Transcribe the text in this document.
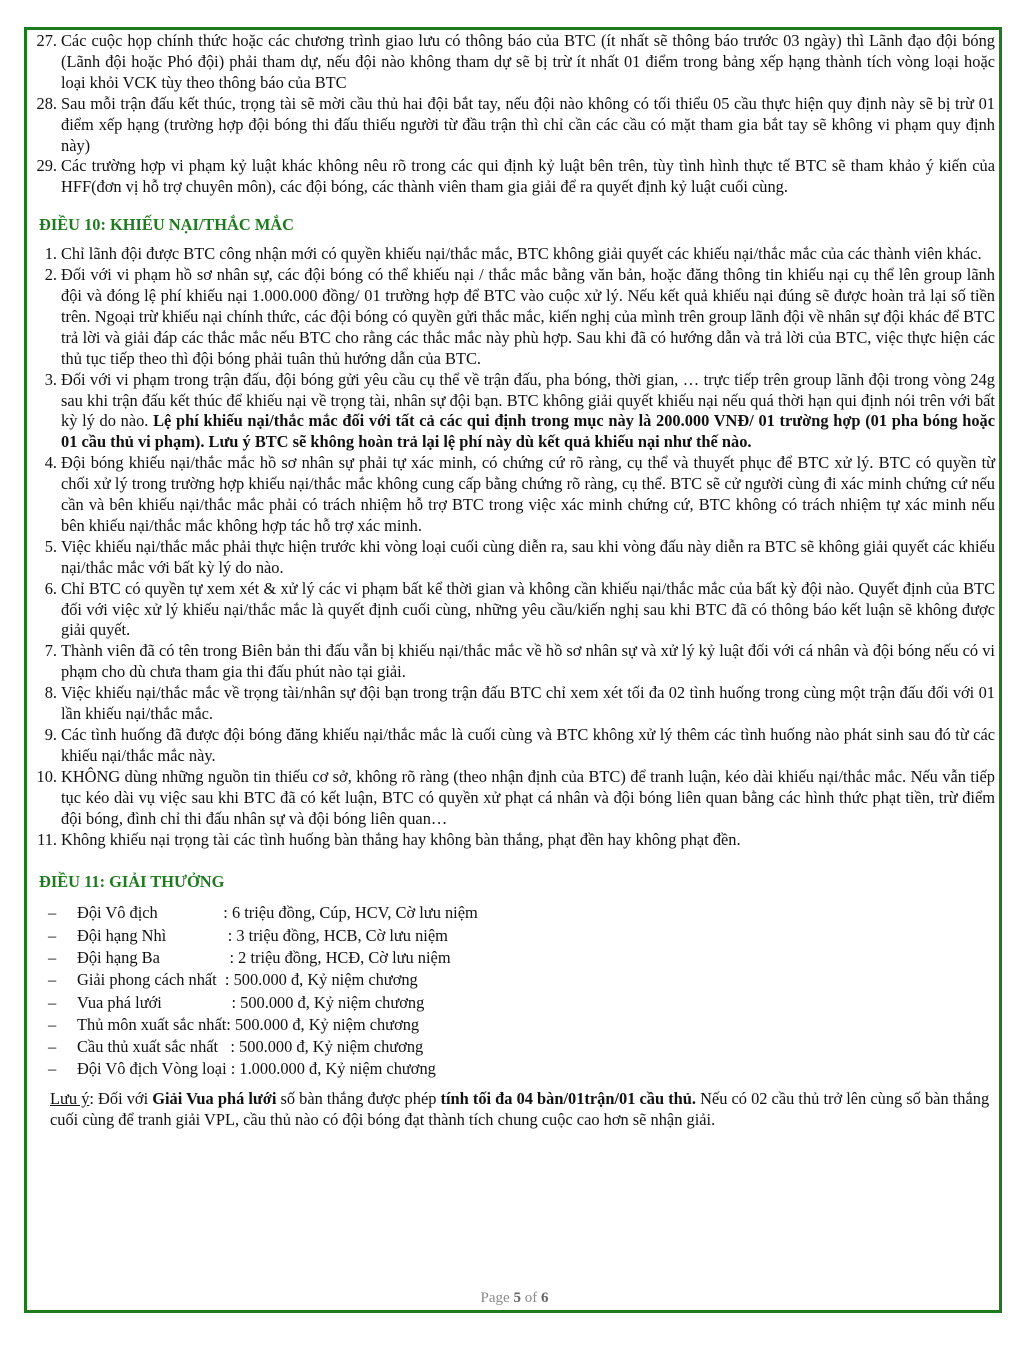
27. Các cuộc họp chính thức hoặc các chương trình giao lưu có thông báo của BTC (ít nhất sẽ thông báo trước 03 ngày) thì Lãnh đạo đội bóng (Lãnh đội hoặc Phó đội) phải tham dự, nếu đội nào không tham dự sẽ bị trừ ít nhất 01 điểm trong bảng xếp hạng thành tích vòng loại hoặc loại khỏi VCK tùy theo thông báo của BTC
28. Sau mỗi trận đấu kết thúc, trọng tài sẽ mời cầu thủ hai đội bắt tay, nếu đội nào không có tối thiểu 05 cầu thực hiện quy định này sẽ bị trừ 01 điểm xếp hạng (trường hợp đội bóng thi đấu thiếu người từ đầu trận thì chỉ cần các cầu có mặt tham gia bắt tay sẽ không vi phạm quy định này)
29. Các trường hợp vi phạm kỷ luật khác không nêu rõ trong các qui định kỷ luật bên trên, tùy tình hình thực tế BTC sẽ tham khảo ý kiến của HFF(đơn vị hỗ trợ chuyên môn), các đội bóng, các thành viên tham gia giải để ra quyết định kỷ luật cuối cùng.
ĐIỀU 10: KHIẾU NẠI/THẮC MẮC
1. Chỉ lãnh đội được BTC công nhận mới có quyền khiếu nại/thắc mắc, BTC không giải quyết các khiếu nại/thắc mắc của các thành viên khác.
2. Đối với vi phạm hồ sơ nhân sự, các đội bóng có thể khiếu nại / thắc mắc bằng văn bản, hoặc đăng thông tin khiếu nại cụ thể lên group lãnh đội và đóng lệ phí khiếu nại 1.000.000 đồng/ 01 trường hợp để BTC vào cuộc xử lý. Nếu kết quả khiếu nại đúng sẽ được hoàn trả lại số tiền trên. Ngoại trừ khiếu nại chính thức, các đội bóng có quyền gửi thắc mắc, kiến nghị của mình trên group lãnh đội về nhân sự đội khác để BTC trả lời và giải đáp các thắc mắc nếu BTC cho rằng các thắc mắc này phù hợp. Sau khi đã có hướng dẫn và trả lời của BTC, việc thực hiện các thủ tục tiếp theo thì đội bóng phải tuân thủ hướng dẫn của BTC.
3. Đối với vi phạm trong trận đấu, đội bóng gửi yêu cầu cụ thể về trận đấu, pha bóng, thời gian, … trực tiếp trên group lãnh đội trong vòng 24g sau khi trận đấu kết thúc để khiếu nại về trọng tài, nhân sự đội bạn. BTC không giải quyết khiếu nại nếu quá thời hạn qui định nói trên với bất kỳ lý do nào. Lệ phí khiếu nại/thắc mắc đối với tất cả các qui định trong mục này là 200.000 VNĐ/ 01 trường hợp (01 pha bóng hoặc 01 cầu thủ vi phạm). Lưu ý BTC sẽ không hoàn trả lại lệ phí này dù kết quả khiếu nại như thế nào.
4. Đội bóng khiếu nại/thắc mắc hồ sơ nhân sự phải tự xác minh, có chứng cứ rõ ràng, cụ thể và thuyết phục để BTC xử lý. BTC có quyền từ chối xử lý trong trường hợp khiếu nại/thắc mắc không cung cấp bằng chứng rõ ràng, cụ thể. BTC sẽ cử người cùng đi xác minh chứng cứ nếu cần và bên khiếu nại/thắc mắc phải có trách nhiệm hỗ trợ BTC trong việc xác minh chứng cứ, BTC không có trách nhiệm tự xác minh nếu bên khiếu nại/thắc mắc không hợp tác hỗ trợ xác minh.
5. Việc khiếu nại/thắc mắc phải thực hiện trước khi vòng loại cuối cùng diễn ra, sau khi vòng đấu này diễn ra BTC sẽ không giải quyết các khiếu nại/thắc mắc với bất kỳ lý do nào.
6. Chỉ BTC có quyền tự xem xét & xử lý các vi phạm bất kể thời gian và không cần khiếu nại/thắc mắc của bất kỳ đội nào. Quyết định của BTC đối với việc xử lý khiếu nại/thắc mắc là quyết định cuối cùng, những yêu cầu/kiến nghị sau khi BTC đã có thông báo kết luận sẽ không được giải quyết.
7. Thành viên đã có tên trong Biên bản thi đấu vẫn bị khiếu nại/thắc mắc về hồ sơ nhân sự và xử lý kỷ luật đối với cá nhân và đội bóng nếu có vi phạm cho dù chưa tham gia thi đấu phút nào tại giải.
8. Việc khiếu nại/thắc mắc về trọng tài/nhân sự đội bạn trong trận đấu BTC chỉ xem xét tối đa 02 tình huống trong cùng một trận đấu đối với 01 lần khiếu nại/thắc mắc.
9. Các tình huống đã được đội bóng đăng khiếu nại/thắc mắc là cuối cùng và BTC không xử lý thêm các tình huống nào phát sinh sau đó từ các khiếu nại/thắc mắc này.
10. KHÔNG dùng những nguồn tin thiếu cơ sở, không rõ ràng (theo nhận định của BTC) để tranh luận, kéo dài khiếu nại/thắc mắc. Nếu vẫn tiếp tục kéo dài vụ việc sau khi BTC đã có kết luận, BTC có quyền xử phạt cá nhân và đội bóng liên quan bằng các hình thức phạt tiền, trừ điểm đội bóng, đình chỉ thi đấu nhân sự và đội bóng liên quan…
11. Không khiếu nại trọng tài các tình huống bàn thắng hay không bàn thắng, phạt đền hay không phạt đền.
ĐIỀU 11: GIẢI THƯỞNG
– Đội Vô địch                : 6 triệu đồng, Cúp, HCV, Cờ lưu niệm
– Đội hạng Nhì               : 3 triệu đồng, HCB, Cờ lưu niệm
– Đội hạng Ba                 : 2 triệu đồng, HCĐ, Cờ lưu niệm
– Giải phong cách nhất  : 500.000 đ, Kỷ niệm chương
– Vua phá lưới                 : 500.000 đ, Kỷ niệm chương
– Thủ môn xuất sắc nhất: 500.000 đ, Kỷ niệm chương
– Cầu thủ xuất sắc nhất   : 500.000 đ, Kỷ niệm chương
– Đội Vô địch Vòng loại : 1.000.000 đ, Kỷ niệm chương
Lưu ý: Đối với Giải Vua phá lưới số bàn thắng được phép tính tối đa 04 bàn/01trận/01 cầu thủ. Nếu có 02 cầu thủ trở lên cùng số bàn thắng cuối cùng để tranh giải VPL, cầu thủ nào có đội bóng đạt thành tích chung cuộc cao hơn sẽ nhận giải.
Page 5 of 6
